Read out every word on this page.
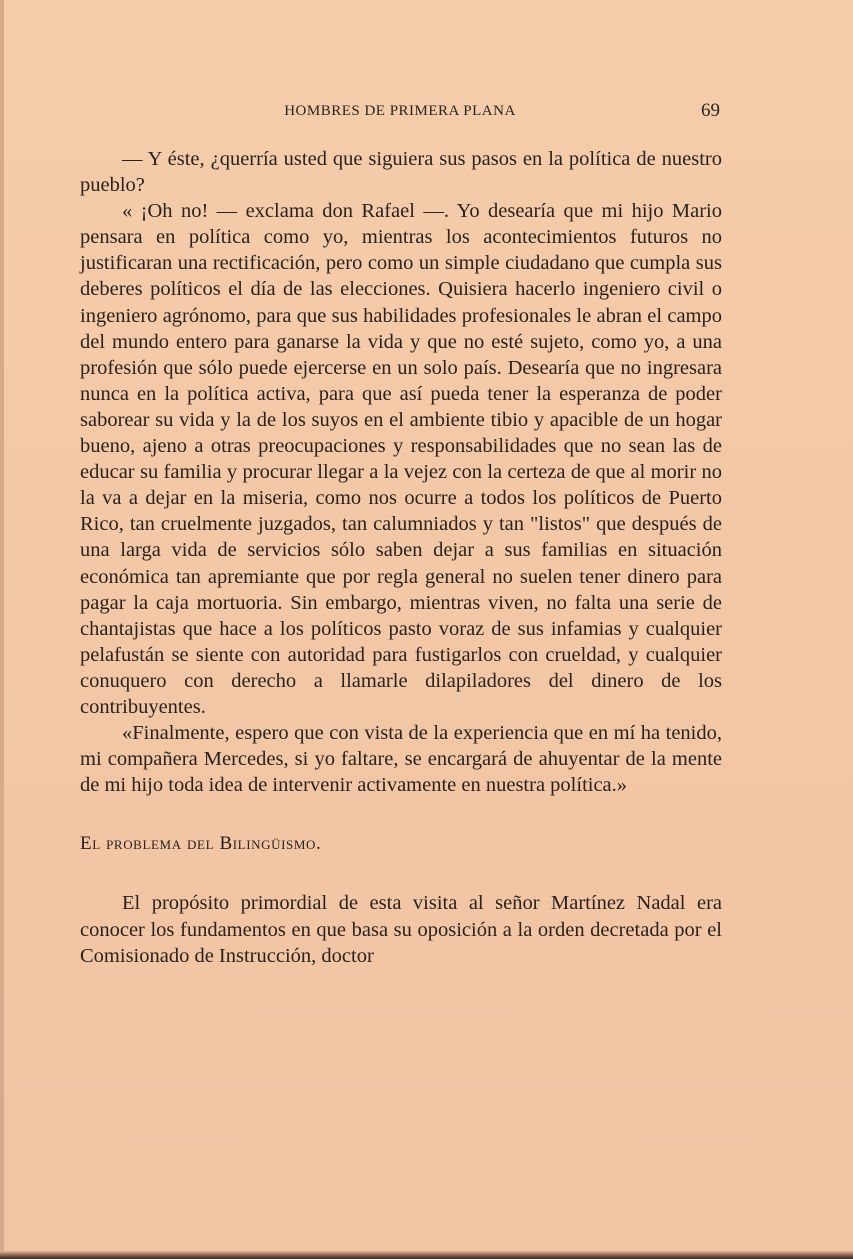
HOMBRES DE PRIMERA PLANA	69

— Y éste, ¿querría usted que siguiera sus pasos en la política de nuestro pueblo?

« ¡Oh no! — exclama don Rafael —. Yo desearía que mi hijo Mario pensara en política como yo, mientras los acontecimientos futuros no justificaran una rectificación, pero como un simple ciudadano que cumpla sus deberes políticos el día de las elecciones. Quisiera hacerlo ingeniero civil o ingeniero agrónomo, para que sus habilidades profesionales le abran el campo del mundo entero para ganarse la vida y que no esté sujeto, como yo, a una profesión que sólo puede ejercerse en un solo país. Desearía que no ingresara nunca en la política activa, para que así pueda tener la esperanza de poder saborear su vida y la de los suyos en el ambiente tibio y apacible de un hogar bueno, ajeno a otras preocupaciones y responsabilidades que no sean las de educar su familia y procurar llegar a la vejez con la certeza de que al morir no la va a dejar en la miseria, como nos ocurre a todos los políticos de Puerto Rico, tan cruelmente juzgados, tan calumniados y tan "listos" que después de una larga vida de servicios sólo saben dejar a sus familias en situación económica tan apremiante que por regla general no suelen tener dinero para pagar la caja mortuoria. Sin embargo, mientras viven, no falta una serie de chantajistas que hace a los políticos pasto voraz de sus infamias y cualquier pelafustán se siente con autoridad para fustigarlos con crueldad, y cualquier conuquero con derecho a llamarle dilapiladores del dinero de los contribuyentes.

«Finalmente, espero que con vista de la experiencia que en mí ha tenido, mi compañera Mercedes, si yo faltare, se encargará de ahuyentar de la mente de mi hijo toda idea de intervenir activamente en nuestra política.»

El problema del Bilingüismo.

El propósito primordial de esta visita al señor Martínez Nadal era conocer los fundamentos en que basa su oposición a la orden decretada por el Comisionado de Instrucción, doctor
